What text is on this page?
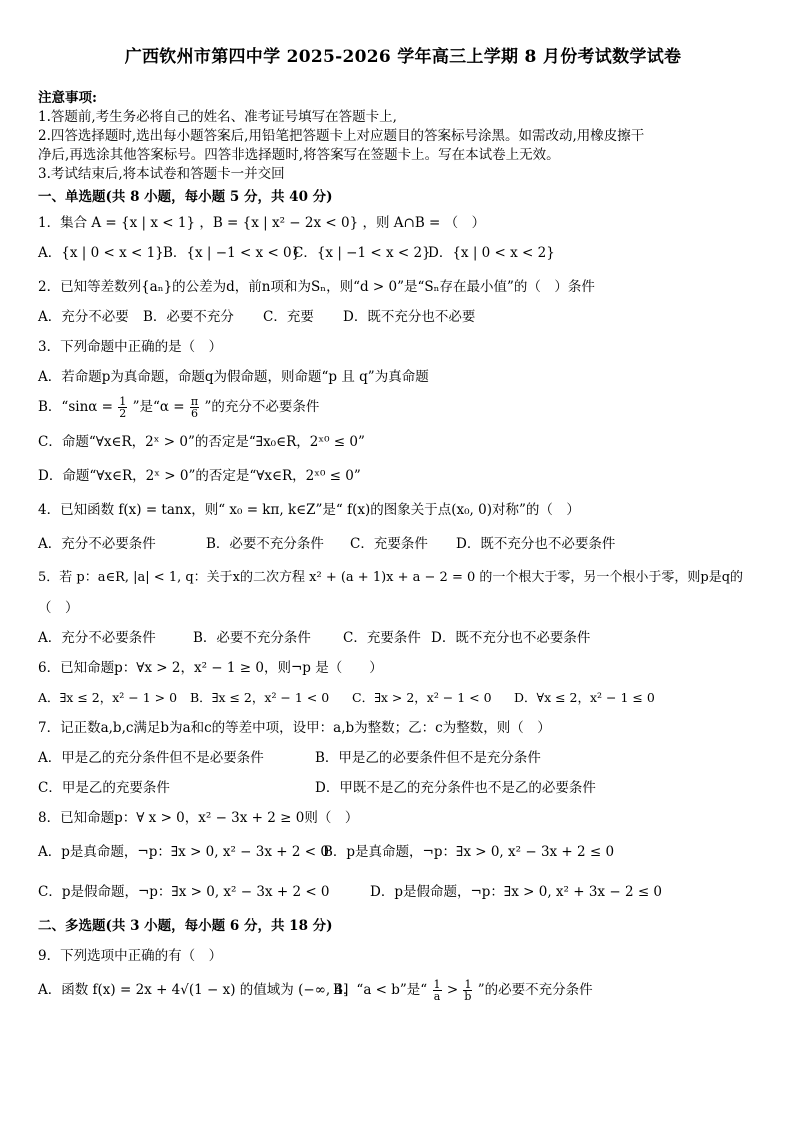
广西钦州市第四中学 2025-2026 学年高三上学期 8 月份考试数学试卷

注意事项:

1.答题前,考生务必将自己的姓名、准考证号填写在答题卡上,

2.四答选择题时,选出每小题答案后,用铅笔把答题卡上对应题目的答案标号涂黑。如需改动,用橡皮擦干

净后,再选涂其他答案标号。四答非选择题时,将答案写在签题卡上。写在本试卷上无效。

3.考试结束后,将本试卷和答题卡一并交回

一、单选题(共 8 小题，每小题 5 分，共 40 分)

1．集合 A = {x | x < 1} ，B = {x | x² − 2x < 0} ，则 A∩B = （　）

A．{x | 0 < x < 1} B．{x | −1 < x < 0}
C．{x | −1 < x < 2}
D．{x | 0 < x < 2}

2．已知等差数列{aₙ}的公差为d，前n项和为Sₙ，则“d > 0”是“Sₙ存在最小值”的（　）条件

A．充分不必要	B．必要不充分	C．充要	D．既不充分也不必要

3．下列命题中正确的是（　）

A．若命题p为真命题，命题q为假命题，则命题“p 且 q”为真命题

B．“$\sin\alpha = \frac{1}{2}$ ”是“$\alpha = \frac{\pi}{6}$ ”的充分不必要条件

C．命题“∀x∈R，2ˣ > 0”的否定是“∃x₀∈R，2ˣ⁰ ≤ 0”

D．命题“∀x∈R，2ˣ > 0”的否定是“∀x∈R，2ˣ⁰ ≤ 0”

4．已知函数 f(x) = tanx，则“ x₀ = kπ, k∈Z”是“ f(x)的图象关于点(x₀, 0)对称”的（　）

A．充分不必要条件	B．必要不充分条件	C．充要条件	D．既不充分也不必要条件

5．若 p：a∈R, |a| < 1, q：关于x的二次方程 x² + (a + 1)x + a − 2 = 0 的一个根大于零，另一个根小于零，则p是q的

（　）

A．充分不必要条件	B．必要不充分条件	C．充要条件 D．既不充分也不必要条件

6．已知命题p：∀x > 2，x² − 1 ≥ 0，则¬p 是（　　）

A．∃x ≤ 2，x² − 1 > 0	B．∃x ≤ 2，x² − 1 < 0	C．∃x > 2，x² − 1 < 0	D．∀x ≤ 2，x² − 1 ≤ 0

7．记正数a,b,c满足b为a和c的等差中项，设甲：a,b为整数；乙：c为整数，则（　）

A．甲是乙的充分条件但不是必要条件	B．甲是乙的必要条件但不是充分条件
C．甲是乙的充要条件	D．甲既不是乙的充分条件也不是乙的必要条件

8．已知命题p：∀ x > 0，x² − 3x + 2 ≥ 0则（　）

A．p是真命题，¬p：∃x > 0, x² − 3x + 2 < 0
B．p是真命题，¬p：∃x > 0, x² − 3x + 2 ≤ 0
C．p是假命题，¬p：∃x > 0, x² − 3x + 2 < 0	D．p是假命题，¬p：∃x > 0, x² + 3x − 2 ≤ 0

二、多选题(共 3 小题，每小题 6 分，共 18 分)

9．下列选项中正确的有（　）

A．函数 f(x) = 2x + 4√(1 − x) 的值域为 (−∞, 4]
B．“a < b”是“ $\frac{1}{a} > \frac{1}{b}$ ”的必要不充分条件
